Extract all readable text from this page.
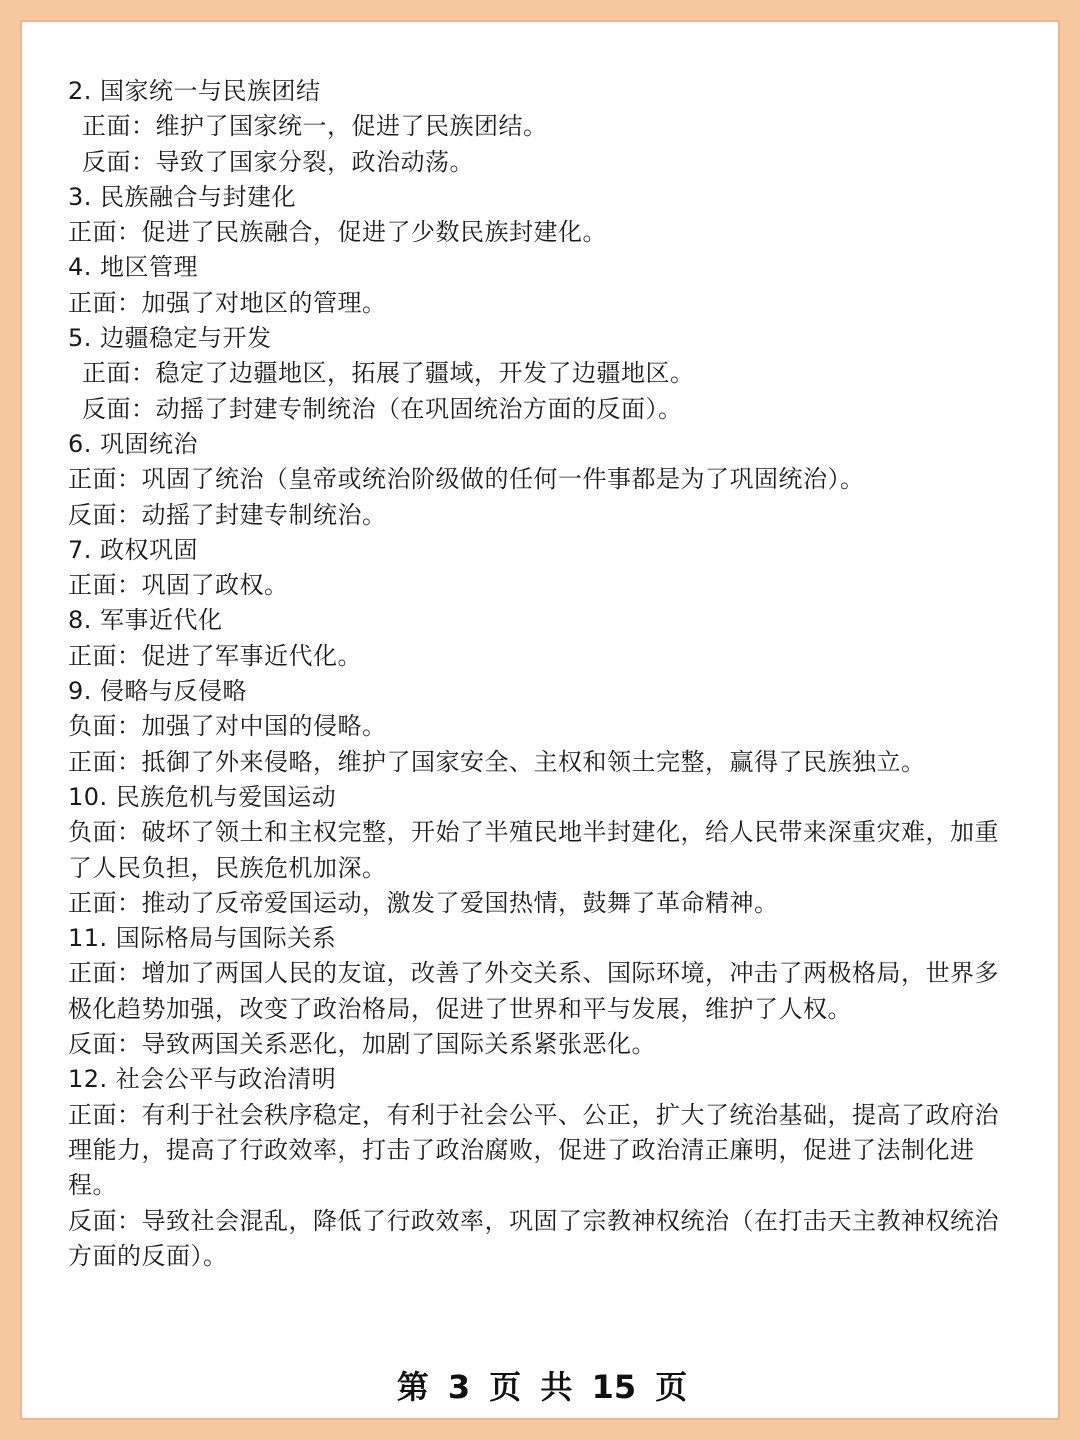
2. 国家统一与民族团结
正面：维护了国家统一，促进了民族团结。
反面：导致了国家分裂，政治动荡。
3. 民族融合与封建化
正面：促进了民族融合，促进了少数民族封建化。
4. 地区管理
正面：加强了对地区的管理。
5. 边疆稳定与开发
正面：稳定了边疆地区，拓展了疆域，开发了边疆地区。
反面：动摇了封建专制统治（在巩固统治方面的反面）。
6. 巩固统治
正面：巩固了统治（皇帝或统治阶级做的任何一件事都是为了巩固统治）。
反面：动摇了封建专制统治。
7. 政权巩固
正面：巩固了政权。
8. 军事近代化
正面：促进了军事近代化。
9. 侵略与反侵略
负面：加强了对中国的侵略。
正面：抵御了外来侵略，维护了国家安全、主权和领土完整，赢得了民族独立。
10. 民族危机与爱国运动
负面：破坏了领土和主权完整，开始了半殖民地半封建化，给人民带来深重灾难，加重了人民负担，民族危机加深。
正面：推动了反帝爱国运动，激发了爱国热情，鼓舞了革命精神。
11. 国际格局与国际关系
正面：增加了两国人民的友谊，改善了外交关系、国际环境，冲击了两极格局，世界多极化趋势加强，改变了政治格局，促进了世界和平与发展，维护了人权。
反面：导致两国关系恶化，加剧了国际关系紧张恶化。
12. 社会公平与政治清明
正面：有利于社会秩序稳定，有利于社会公平、公正，扩大了统治基础，提高了政府治理能力，提高了行政效率，打击了政治腐败，促进了政治清正廉明，促进了法制化进程。
反面：导致社会混乱，降低了行政效率，巩固了宗教神权统治（在打击天主教神权统治方面的反面）。
第 3 页 共 15 页
